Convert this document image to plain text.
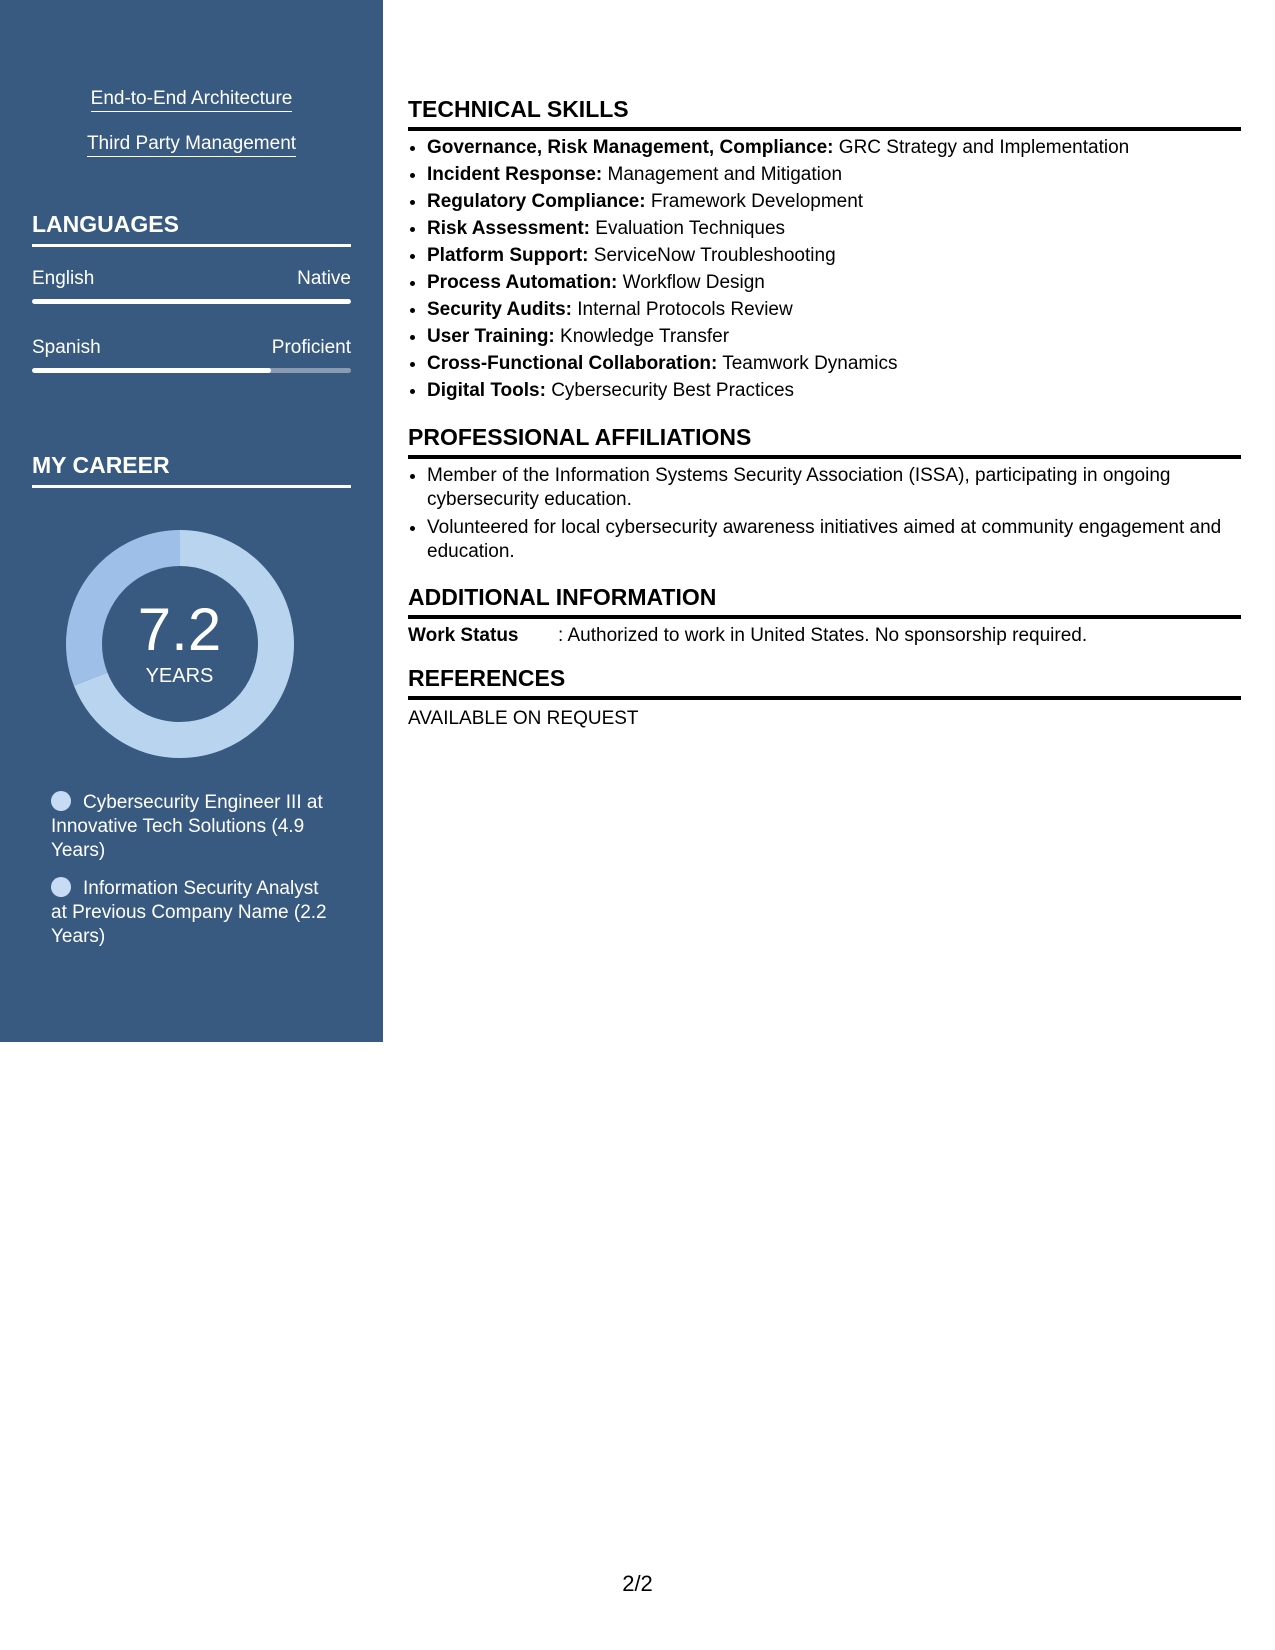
End-to-End Architecture
Third Party Management
LANGUAGES
English	Native
Spanish	Proficient
MY CAREER
7.2
YEARS
Cybersecurity Engineer III at Innovative Tech Solutions (4.9 Years)
Information Security Analyst at Previous Company Name (2.2 Years)
TECHNICAL SKILLS
• Governance, Risk Management, Compliance: GRC Strategy and Implementation
• Incident Response: Management and Mitigation
• Regulatory Compliance: Framework Development
• Risk Assessment: Evaluation Techniques
• Platform Support: ServiceNow Troubleshooting
• Process Automation: Workflow Design
• Security Audits: Internal Protocols Review
• User Training: Knowledge Transfer
• Cross-Functional Collaboration: Teamwork Dynamics
• Digital Tools: Cybersecurity Best Practices
PROFESSIONAL AFFILIATIONS
• Member of the Information Systems Security Association (ISSA), participating in ongoing cybersecurity education.
• Volunteered for local cybersecurity awareness initiatives aimed at community engagement and education.
ADDITIONAL INFORMATION
Work Status : Authorized to work in United States. No sponsorship required.
REFERENCES
AVAILABLE ON REQUEST
2/2
